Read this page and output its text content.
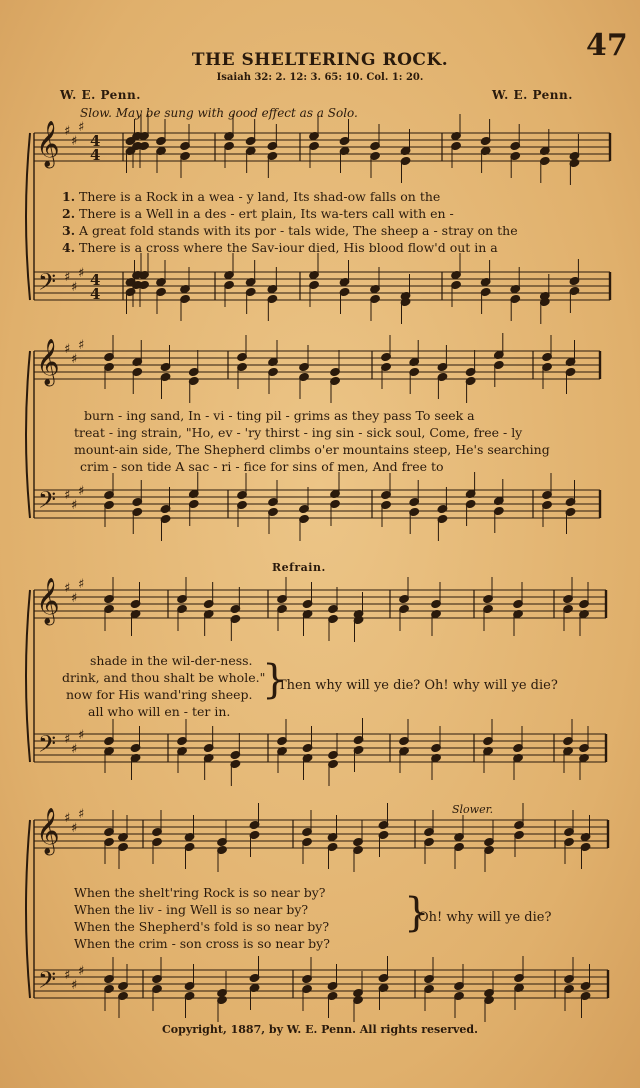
47
THE SHELTERING ROCK.
Isaiah 32: 2. 12: 3. 65: 10. Col. 1: 20.
W. E. Penn.	W. E. Penn.
Slow. May be sung with good effect as a Solo.
𝄞
𝄢
♯
♯
♯
♯
♯
♯
4
4
4
4
𝄞
𝄢
♯
♯
♯
♯
♯
♯
𝄞
𝄢
♯
♯
♯
♯
♯
♯
𝄞
𝄢
♯
♯
♯
♯
♯
♯
1. There is a Rock in a wea - y land, Its shad-ow falls on the
2. There is a Well in a des - ert plain, Its wa-ters call with en -
3. A great fold stands with its por - tals wide, The sheep a - stray on the
4. There is a cross where the Sav-iour died, His blood flow'd out in a
burn - ing sand, In - vi - ting pil - grims as they pass To seek a
treat - ing strain, "Ho, ev - 'ry thirst - ing sin - sick soul, Come, free - ly
mount-ain side, The Shepherd climbs o'er mountains steep, He's searching
crim - son tide A sac - ri - fice for sins of men, And free to
Refrain.
shade in the wil-der-ness.
drink, and thou shalt be whole."
now for His wand'ring sheep.
all who will en - ter in.
}
Then why will ye die? Oh! why will ye die?
Slower.
When the shelt'ring Rock is so near by?
When the liv - ing Well is so near by?
When the Shepherd's fold is so near by?
When the crim - son cross is so near by?
}
Oh! why will ye die?
Copyright, 1887, by W. E. Penn. All rights reserved.
